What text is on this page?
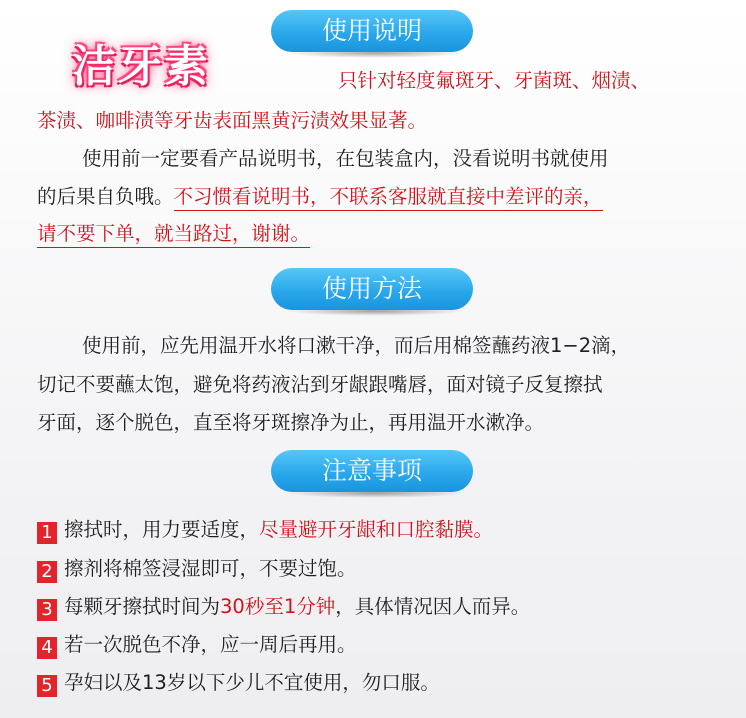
洁牙素
使用说明
只针对轻度氟斑牙、牙菌斑、烟渍、
茶渍、咖啡渍等牙齿表面黑黄污渍效果显著。
使用前一定要看产品说明书，在包装盒内，没看说明书就使用
的后果自负哦。不习惯看说明书，不联系客服就直接中差评的亲，
请不要下单，就当路过，谢谢。
使用方法
使用前，应先用温开水将口漱干净，而后用棉签蘸药液1−2滴，
切记不要蘸太饱，避免将药液沾到牙龈跟嘴唇，面对镜子反复擦拭
牙面，逐个脱色，直至将牙斑擦净为止，再用温开水漱净。
注意事项
1 擦拭时，用力要适度，尽量避开牙龈和口腔黏膜。
2 擦剂将棉签浸湿即可，不要过饱。
3 每颗牙擦拭时间为30秒至1分钟，具体情况因人而异。
4 若一次脱色不净，应一周后再用。
5 孕妇以及13岁以下少儿不宜使用，勿口服。
